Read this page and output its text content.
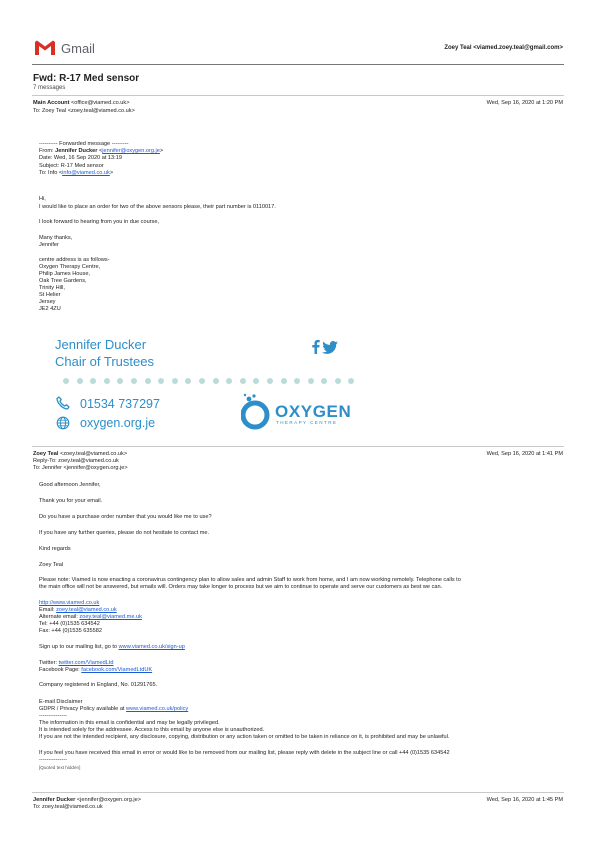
Gmail	Zoey Teal <viamed.zoey.teal@gmail.com>
Fwd: R-17 Med sensor
7 messages
Main Account <office@viamed.co.uk>	Wed, Sep 16, 2020 at 1:20 PM
To: Zoey Teal <zoey.teal@viamed.co.uk>
---------- Forwarded message ---------
From: Jennifer Ducker <jennifer@oxygen.org.je>
Date: Wed, 16 Sep 2020 at 13:19
Subject: R-17 Med sensor
To: Info <info@viamed.co.uk>
Hi,
I would like to place an order for two of the above sensors please, their part number is 0110017.
I look forward to hearing from you in due course,
Many thanks,
Jennifer
centre address is as follows-
Oxygen Therapy Centre,
Philip James House,
Oak Tree Gardens,
Trinity Hill,
St Helier
Jersey
JE2 4ZU
Jennifer Ducker
Chair of Trustees
01534 737297
oxygen.org.je
OXYGEN
THERAPY CENTRE
Zoey Teal <zoey.teal@viamed.co.uk>	Wed, Sep 16, 2020 at 1:41 PM
Reply-To: zoey.teal@viamed.co.uk
To: Jennifer <jennifer@oxygen.org.je>
Good afternoon Jennifer,
Thank you for your email.
Do you have a purchase order number that you would like me to use?
If you have any further queries, please do not hesitate to contact me.
Kind regards
Zoey Teal
Please note: Viamed is now enacting a coronavirus contingency plan to allow sales and admin Staff to work from home, and I am now working remotely. Telephone calls to
the main office will not be answered, but emails will. Orders may take longer to process but we aim to continue to operate and serve our customers as best we can.
http://www.viamed.co.uk
Email: zoey.teal@viamed.co.uk
Alternate email: zoey.teal@viamed.me.uk
Tel: +44 (0)1535 634542
Fax: +44 (0)1535 635582
Sign up to our mailing list, go to www.viamed.co.uk/sign-up
Twitter: twitter.com/ViamedLtd
Facebook Page: facebook.com/ViamedLtdUK
Company registered in England, No. 01291765.
E-mail Disclaimer
GDPR / Privacy Policy available at www.viamed.co.uk/policy
---------------
The information in this email is confidential and may be legally privileged.
It is intended solely for the addressee. Access to this email by anyone else is unauthorized.
If you are not the intended recipient, any disclosure, copying, distribution or any action taken or omitted to be taken in reliance on it, is prohibited and may be unlawful.
If you feel you have received this email in error or would like to be removed from our mailing list, please reply with delete in the subject line or call +44 (0)1535 634542
---------------
[Quoted text hidden]
Jennifer Ducker <jennifer@oxygen.org.je>	Wed, Sep 16, 2020 at 1:45 PM
To: zoey.teal@viamed.co.uk
